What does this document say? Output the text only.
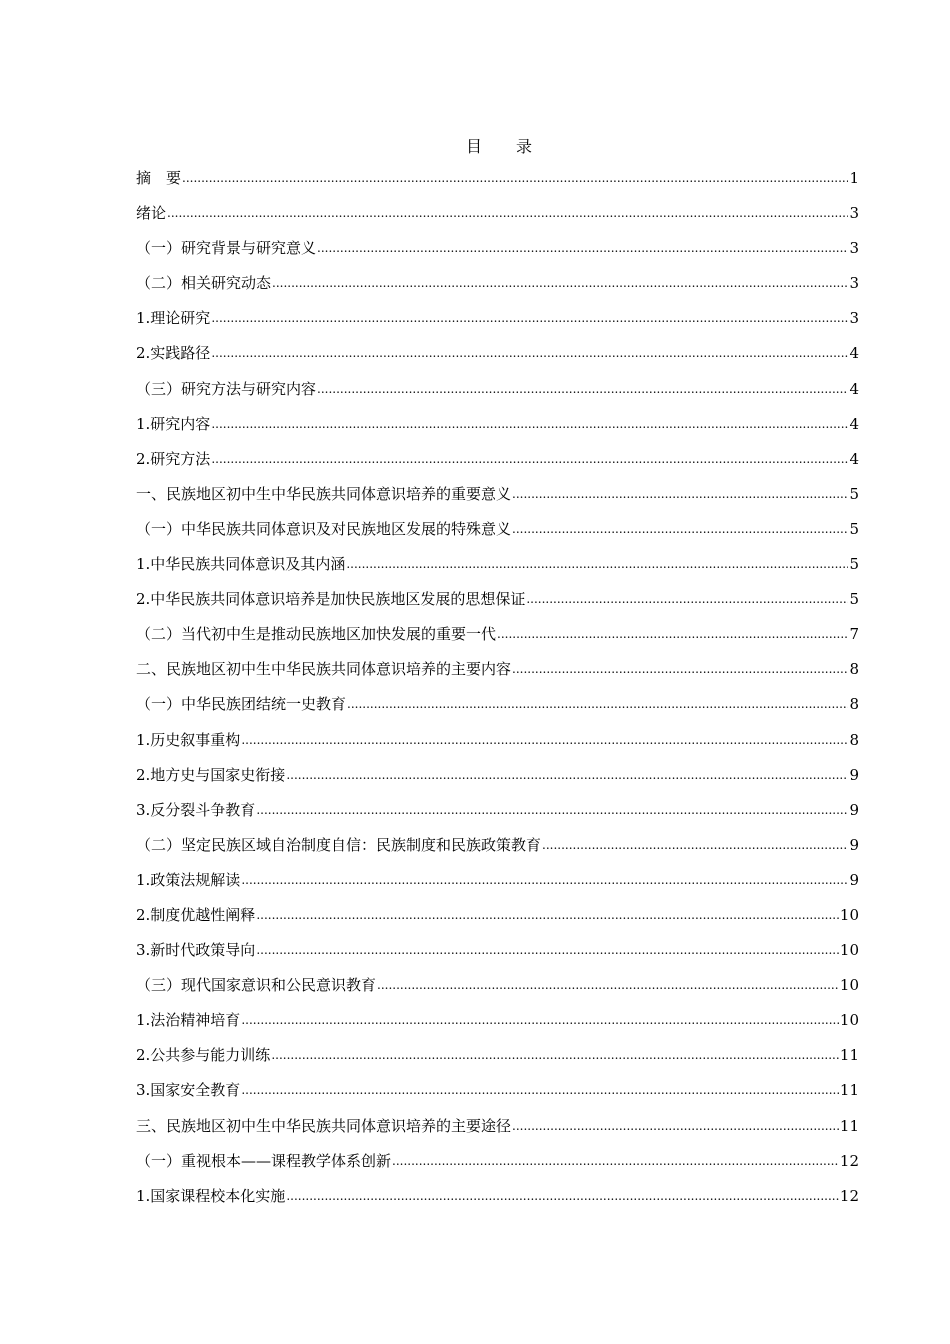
目 录
摘　要 .....	1
绪论 .....	3
（一）研究背景与研究意义 .....	3
（二）相关研究动态 .....	3
1.理论研究 .....	3
2.实践路径 .....	4
（三）研究方法与研究内容 .....	4
1.研究内容 .....	4
2.研究方法 .....	4
一、民族地区初中生中华民族共同体意识培养的重要意义 .....	5
（一）中华民族共同体意识及对民族地区发展的特殊意义 .....	5
1.中华民族共同体意识及其内涵 .....	5
2.中华民族共同体意识培养是加快民族地区发展的思想保证 .....	5
（二）当代初中生是推动民族地区加快发展的重要一代 .....	7
二、民族地区初中生中华民族共同体意识培养的主要内容 .....	8
（一）中华民族团结统一史教育 .....	8
1.历史叙事重构 .....	8
2.地方史与国家史衔接 .....	9
3.反分裂斗争教育 .....	9
（二）坚定民族区域自治制度自信：民族制度和民族政策教育 .....	9
1.政策法规解读 .....	9
2.制度优越性阐释 .....	10
3.新时代政策导向 .....	10
（三）现代国家意识和公民意识教育 .....	10
1.法治精神培育 .....	10
2.公共参与能力训练 .....	11
3.国家安全教育 .....	11
三、民族地区初中生中华民族共同体意识培养的主要途径 .....	11
（一）重视根本——课程教学体系创新 .....	12
1.国家课程校本化实施 .....	12
